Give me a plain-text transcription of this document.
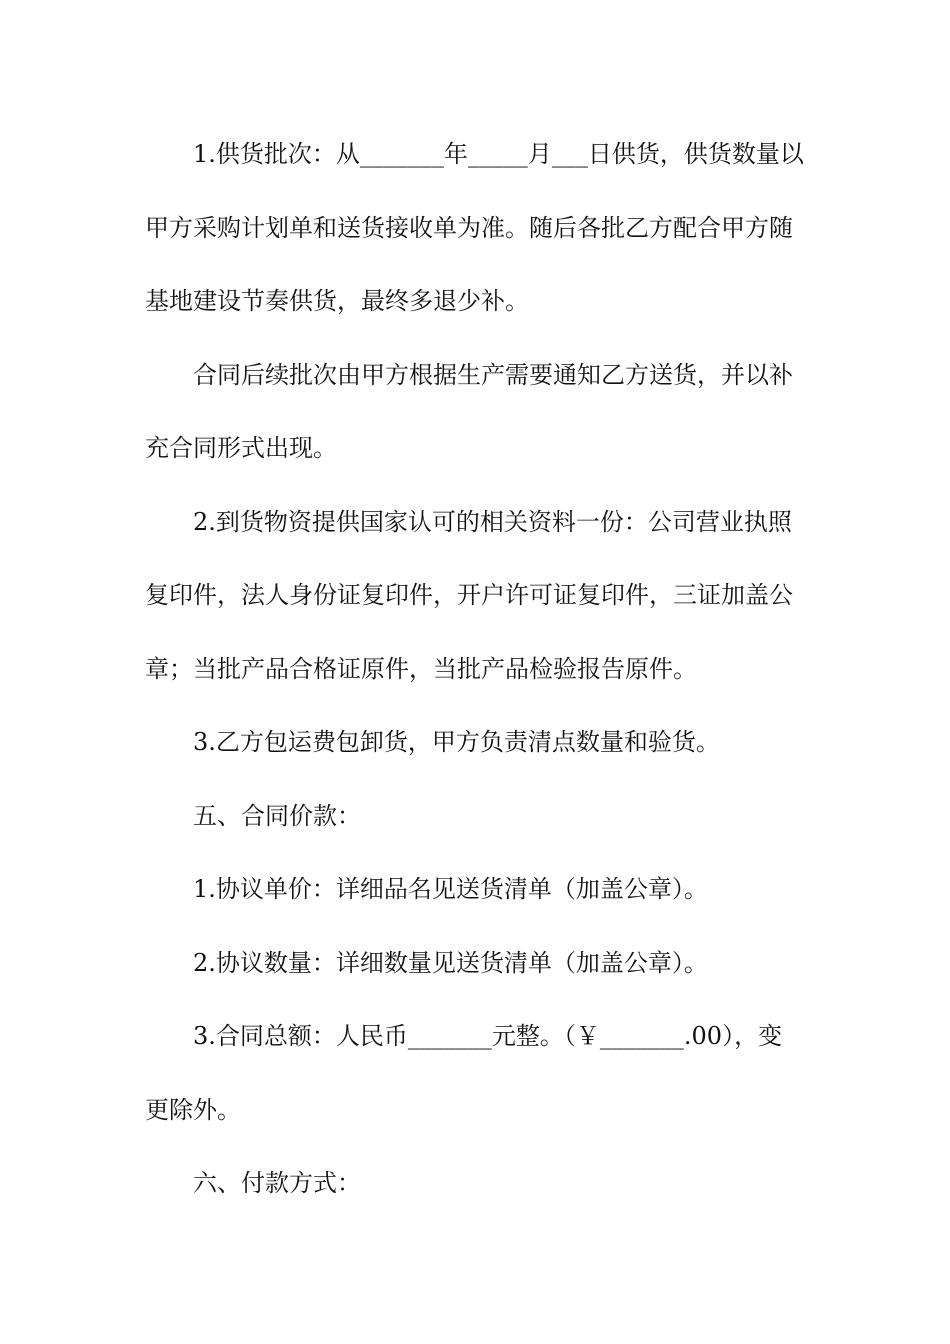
1.供货批次：从_______年_____月___日供货，供货数量以
甲方采购计划单和送货接收单为准。随后各批乙方配合甲方随
基地建设节奏供货，最终多退少补。

合同后续批次由甲方根据生产需要通知乙方送货，并以补
充合同形式出现。

2.到货物资提供国家认可的相关资料一份：公司营业执照
复印件，法人身份证复印件，开户许可证复印件，三证加盖公
章；当批产品合格证原件，当批产品检验报告原件。

3.乙方包运费包卸货，甲方负责清点数量和验货。

五、合同价款：

1.协议单价：详细品名见送货清单（加盖公章）。

2.协议数量：详细数量见送货清单（加盖公章）。

3.合同总额：人民币_______元整。（￥_______.00），变
更除外。

六、付款方式：
